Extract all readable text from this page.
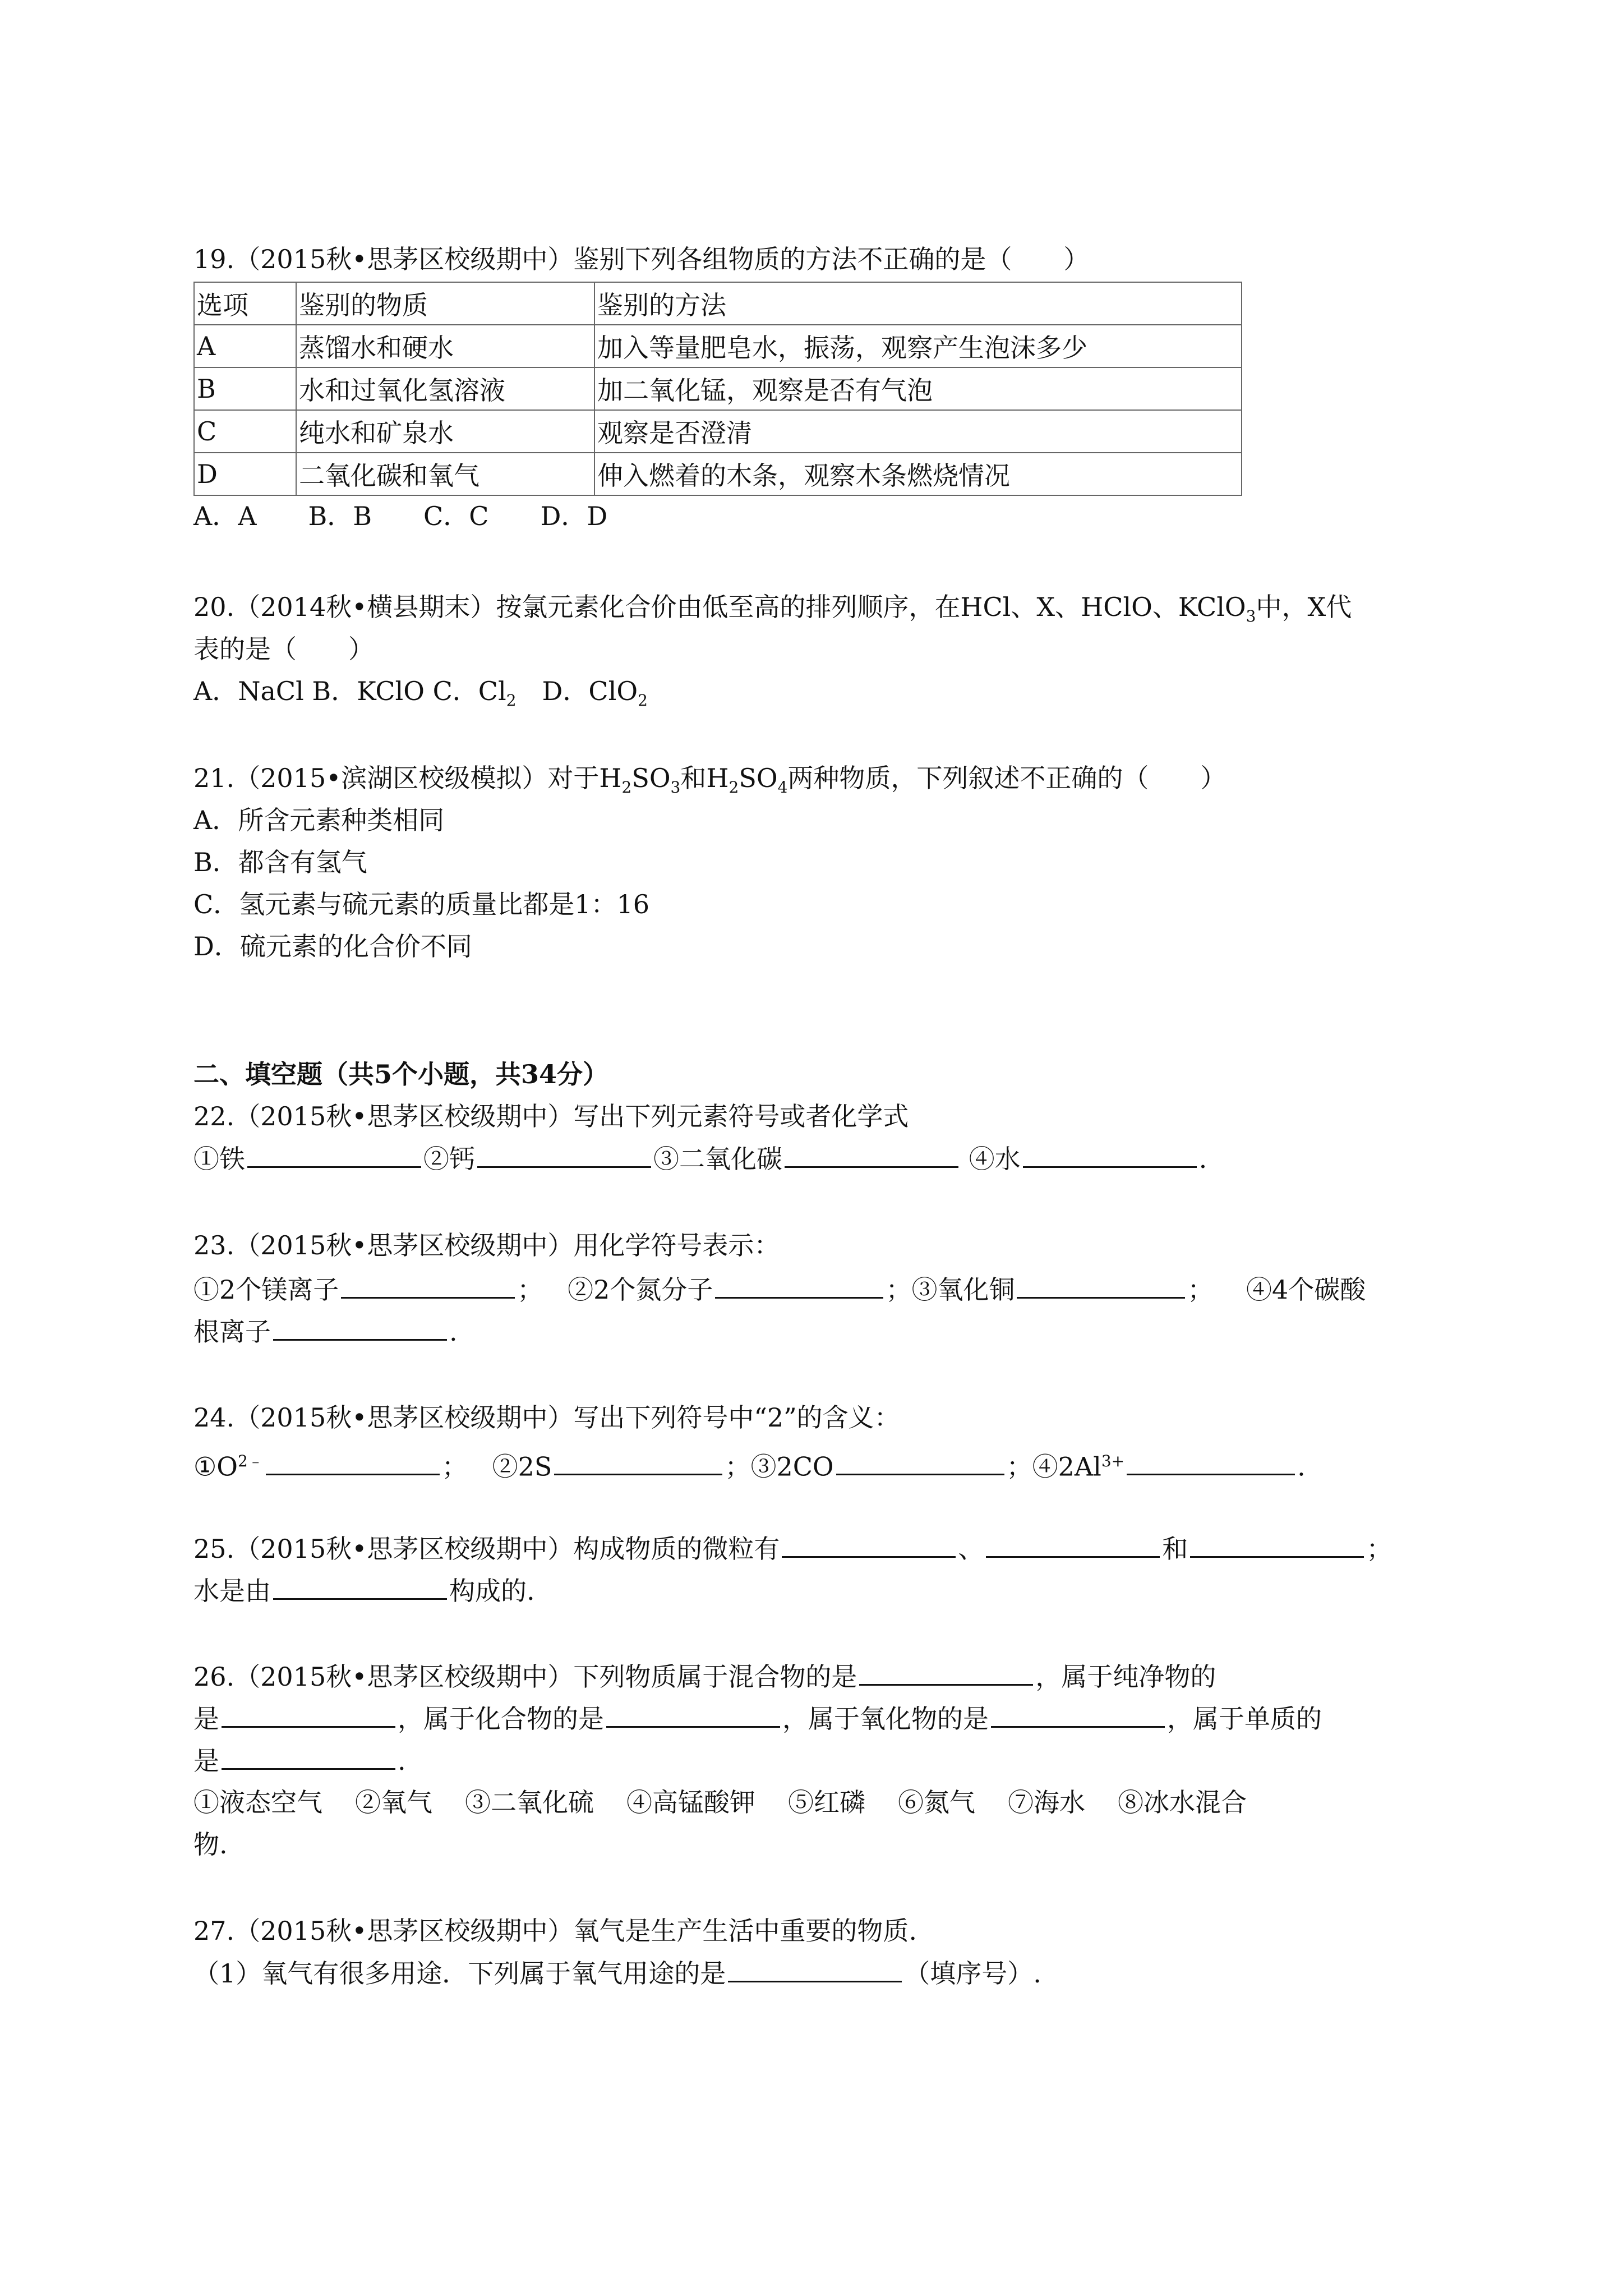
19.（2015秋•思茅区校级期中）鉴别下列各组物质的方法不正确的是（　　）
选项	鉴别的物质	鉴别的方法
A	蒸馏水和硬水	加入等量肥皂水，振荡，观察产生泡沫多少
B	水和过氧化氢溶液	加二氧化锰，观察是否有气泡
C	纯水和矿泉水	观察是否澄清
D	二氧化碳和氧气	伸入燃着的木条，观察木条燃烧情况
A．A　　B．B　　C．C　　D．D
20.（2014秋•横县期末）按氯元素化合价由低至高的排列顺序，在HCl、X、HClO、KClO$_3$中，X代
表的是（　　）
A．NaCl B．KClO C．$Cl_2$　D．ClO$_2$
21.（2015•滨湖区校级模拟）对于$H_2SO_3$和$H_2SO_4$两种物质，下列叙述不正确的（　　）
A．所含元素种类相同
B．都含有氢气
C．氢元素与硫元素的质量比都是1：16
D．硫元素的化合价不同
二、填空题（共5个小题，共34分）
22.（2015秋•思茅区校级期中）写出下列元素符号或者化学式
①铁	②钙	③二氧化碳	④水	.
23.（2015秋•思茅区校级期中）用化学符号表示：
①2个镁离子	； ②2个氮分子	；③氧化铜	； ④4个碳酸
根离子	.
24.（2015秋•思茅区校级期中）写出下列符号中“2”的含义：
$①O^{2﹣}$	； ②2S	；③2CO	；$④2Al^{3+}$	.
25.（2015秋•思茅区校级期中）构成物质的微粒有	、	和	；
水是由	构成的.
26.（2015秋•思茅区校级期中）下列物质属于混合物的是	，属于纯净物的
是	，属于化合物的是	，属于氧化物的是	，属于单质的
是	.
①液态空气 ②氧气 ③二氧化硫 ④高锰酸钾 ⑤红磷 ⑥氮气 ⑦海水 ⑧冰水混合
物.
27.（2015秋•思茅区校级期中）氧气是生产生活中重要的物质.
（1）氧气有很多用途．下列属于氧气用途的是	（填序号）.
